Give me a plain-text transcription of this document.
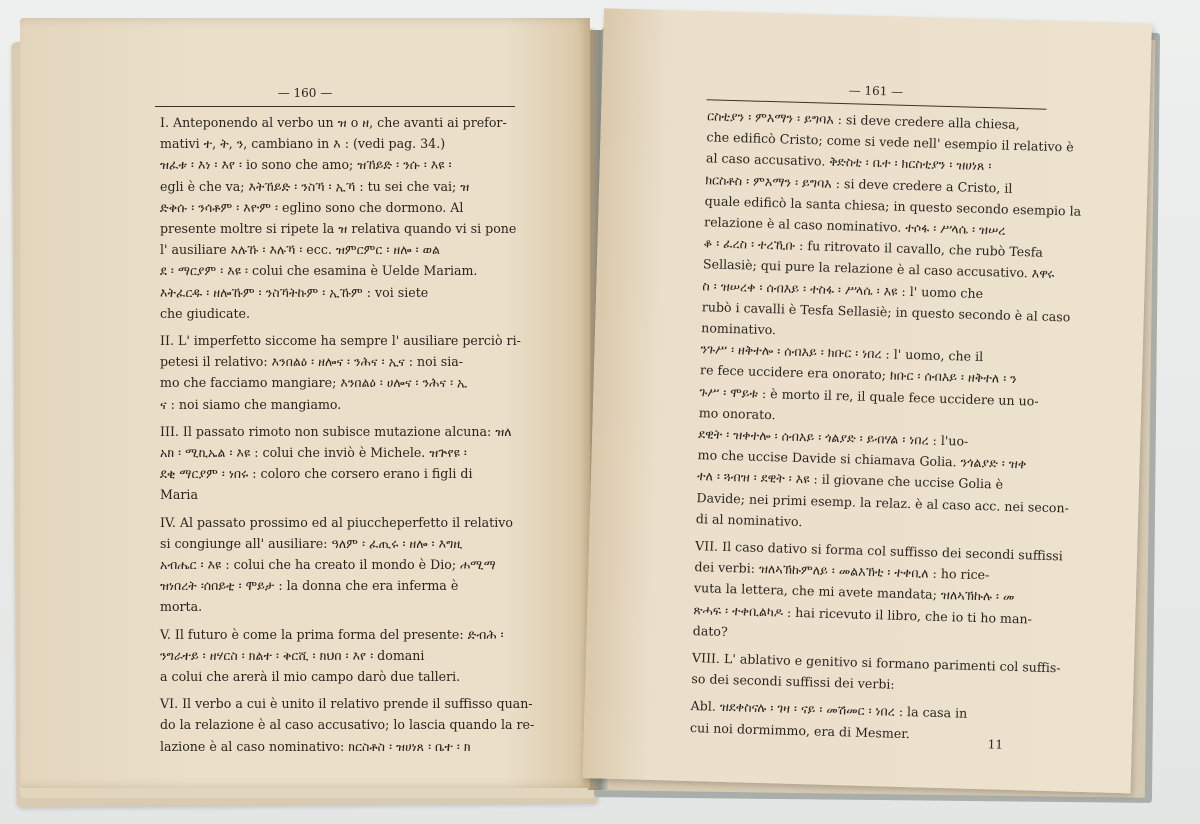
— 160 —

I. Anteponendo al verbo un ዝ o ዘ, che avanti ai prefor-

mativi ተ, ት, ን, cambiano in እ : (vedi pag. 34.)

ዝፈቱ ፡ እነ ፡ እየ ፡ io sono che amo; ዝኸይድ ፡ ንሱ ፡ እዩ ፡

egli è che va; እትኸይድ ፡ ንስኻ ፡ ኢኻ : tu sei che vai; ዝ

ድቅሱ ፡ ንሳቶም ፡ እዮም ፡ eglino sono che dormono. Al

presente moltre si ripete la ዝ relativa quando vi si pone

l' ausiliare እሉኹ ፡ እሉኻ ፡ ecc. ዝምርምር ፡ ዘሎ ፡ ወል

ደ ፡ ማርያም ፡ እዩ ፡ colui che esamina è Uelde Mariam.

እትፈርዱ ፡ ዘሎኹም ፡ ንስኻትኩም ፡ ኢኹም : voi siete

che giudicate.

II. L' imperfetto siccome ha sempre l' ausiliare perciò ri-

petesi il relativo: እንበልዕ ፡ ዘሎና ፡ ንሕና ፡ ኢና : noi sia-

mo che facciamo mangiare; እንበልዕ ፡ ሀሎና ፡ ንሕና ፡ ኢ

ና : noi siamo che mangiamo.

III. Il passato rimoto non subisce mutazione alcuna: ዝለ

አክ ፡ ሚኪኤል ፡ እዩ : colui che inviò è Michele. ዝጕየዩ ፡

ደቂ ማርያም ፡ ነበሩ : coloro che corsero erano i figli di

Maria

IV. Al passato prossimo ed al piuccheperfetto il relativo

si congiunge all' ausiliare: ዓለም ፡ ፈጢሩ ፡ ዘሎ ፡ እግዚ

አብሔር ፡ እዩ : colui che ha creato il mondo è Dio; ሐሚማ

ዝነበረት ፡ሰበይቲ ፡ ሞይታ : la donna che era inferma è

morta.

V. Il futuro è come la prima forma del presente: ድብሕ ፡

ንግራተይ ፡ ዘሃርስ ፡ ክልተ ፡ ቅርሺ ፡ ክህበ ፡ እየ ፡ domani

a colui che arerà il mio campo darò due talleri.

VI. Il verbo a cui è unito il relativo prende il suffisso quan-

do la relazione è al caso accusativo; lo lascia quando la re-

lazione è al caso nominativo: ክርስቶስ ፡ ዝሀነጸ ፡ ቤተ ፡ ክ

— 161 —

ርስቲያን ፡ ምእማን ፡ ይግባእ : si deve credere alla chiesa,

che edificò Cristo; come si vede nell' esempio il relativo è

al caso accusativo. ቅድስቲ ፡ ቤተ ፡ ክርስቲያን ፡ ዝሀነጸ ፡

ክርስቶስ ፡ ምእማን ፡ ይግባእ : si deve credere a Cristo, il

quale edificò la santa chiesa; in questo secondo esempio la

relazione è al caso nominativo. ተሶፋ ፡ ሥላሴ ፡ ዝሠረ

ቆ ፡ ፈረስ ፡ ተረኺቡ : fu ritrovato il cavallo, che rubò Tesfa

Sellasiè; qui pure la relazione è al caso accusativo. እዋሩ

ስ ፡ ዝሠረቀ ፡ ሰብእይ ፡ ተስፋ ፡ ሥላሴ ፡ እዩ : l' uomo che

rubò i cavalli è Tesfa Sellasiè; in questo secondo è al caso

nominativo.

ንጉሥ ፡ ዘቅተሎ ፡ ሰብእይ ፡ ክቡር ፡ ነበረ : l' uomo, che il

re fece uccidere era onorato; ክቡር ፡ ሰብእይ ፡ ዘቅተለ ፡ ን

ጉሥ ፡ ሞይቱ : è morto il re, il quale fece uccidere un uo-

mo onorato.

ደዊት ፡ ዝቀተሎ ፡ ሰብእይ ፡ ጎልያድ ፡ ይብሃል ፡ ነበረ : l'uo-

mo che uccise Davide si chiamava Golia. ንጎልያድ ፡ ዝቀ

ተለ ፡ ጓብዝ ፡ ደዊት ፡ እዩ : il giovane che uccise Golia è

Davide; nei primi esemp. la relaz. è al caso acc. nei secon-

di al nominativo.

VII. Il caso dativo si forma col suffisso dei secondi suffissi

dei verbi: ዝለኣኽኩምለይ ፡ መልእኽቲ ፡ ተቀቢለ : ho rice-

vuta la lettera, che mi avete mandata; ዝለኣኽኩሉ ፡ መ

ጽሓፍ ፡ ተቀቢልካዶ : hai ricevuto il libro, che io ti ho man-

dato?

VIII. L' ablativo e genitivo si formano parimenti col suffis-

so dei secondi suffissi dei verbi:

Abl. ዝደቀስናሉ ፡ ገዛ ፡ ናይ ፡ መሽመር ፡ ነበረ : la casa in

cui noi dormimmo, era di Mesmer.

11
